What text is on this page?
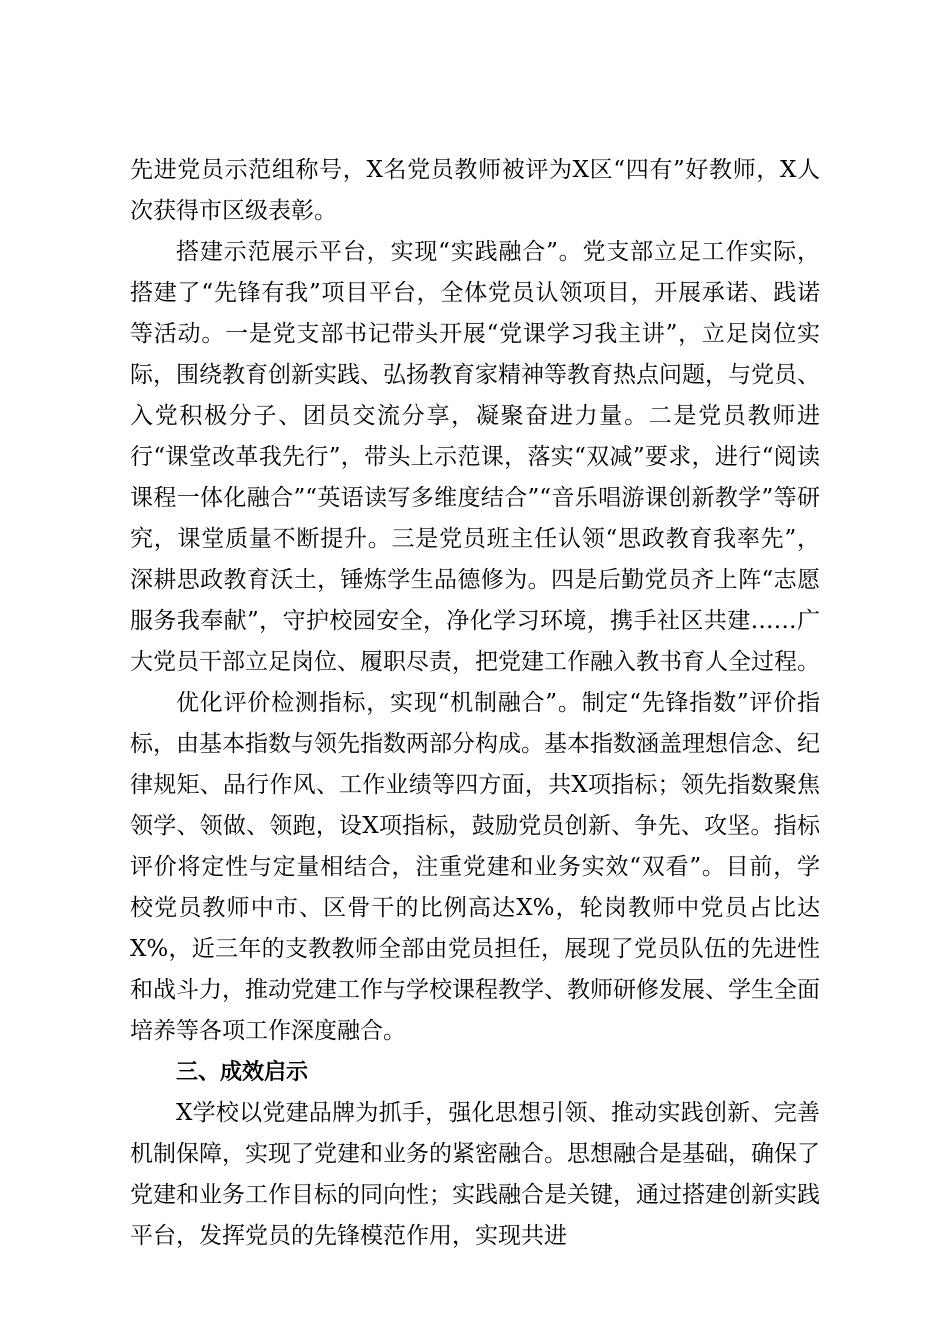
先进党员示范组称号，X名党员教师被评为X区“四有”好教师，X人次获得市区级表彰。

搭建示范展示平台，实现“实践融合”。党支部立足工作实际，搭建了“先锋有我”项目平台，全体党员认领项目，开展承诺、践诺等活动。一是党支部书记带头开展“党课学习我主讲”，立足岗位实际，围绕教育创新实践、弘扬教育家精神等教育热点问题，与党员、入党积极分子、团员交流分享，凝聚奋进力量。二是党员教师进行“课堂改革我先行”，带头上示范课，落实“双减”要求，进行“阅读课程一体化融合”“英语读写多维度结合”“音乐唱游课创新教学”等研究，课堂质量不断提升。三是党员班主任认领“思政教育我率先”，深耕思政教育沃土，锤炼学生品德修为。四是后勤党员齐上阵“志愿服务我奉献”，守护校园安全，净化学习环境，携手社区共建……广大党员干部立足岗位、履职尽责，把党建工作融入教书育人全过程。

优化评价检测指标，实现“机制融合”。制定“先锋指数”评价指标，由基本指数与领先指数两部分构成。基本指数涵盖理想信念、纪律规矩、品行作风、工作业绩等四方面，共X项指标；领先指数聚焦领学、领做、领跑，设X项指标，鼓励党员创新、争先、攻坚。指标评价将定性与定量相结合，注重党建和业务实效“双看”。目前，学校党员教师中市、区骨干的比例高达X%，轮岗教师中党员占比达X%，近三年的支教教师全部由党员担任，展现了党员队伍的先进性和战斗力，推动党建工作与学校课程教学、教师研修发展、学生全面培养等各项工作深度融合。

三、成效启示

X学校以党建品牌为抓手，强化思想引领、推动实践创新、完善机制保障，实现了党建和业务的紧密融合。思想融合是基础，确保了党建和业务工作目标的同向性；实践融合是关键，通过搭建创新实践平台，发挥党员的先锋模范作用，实现共进
